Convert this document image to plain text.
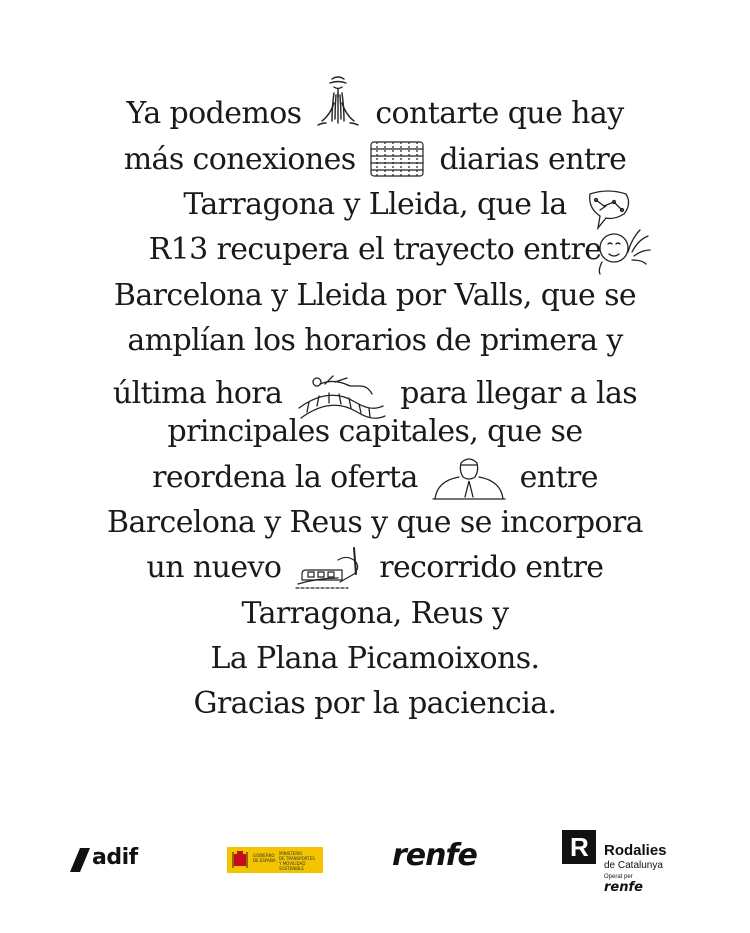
Ya podemos contarte que hay
más conexiones	diarias entre
Tarragona y Lleida, que la
R13 recupera el trayecto entre
Barcelona y Lleida por Valls, que se
amplían los horarios de primera y
última hora	para llegar a las
principales capitales, que se
reordena la oferta	entre
Barcelona y Reus y que se incorpora
un nuevo	recorrido entre
Tarragona, Reus y
La Plana Picamoixons.
Gracias por la paciencia.
adif	GOBIERNO
DE ESPAÑA
MINISTERIO
DE TRANSPORTES
Y MOVILIDAD SOSTENIBLE	renfe	R Rodalies
de Catalunya
Operat per
renfe
